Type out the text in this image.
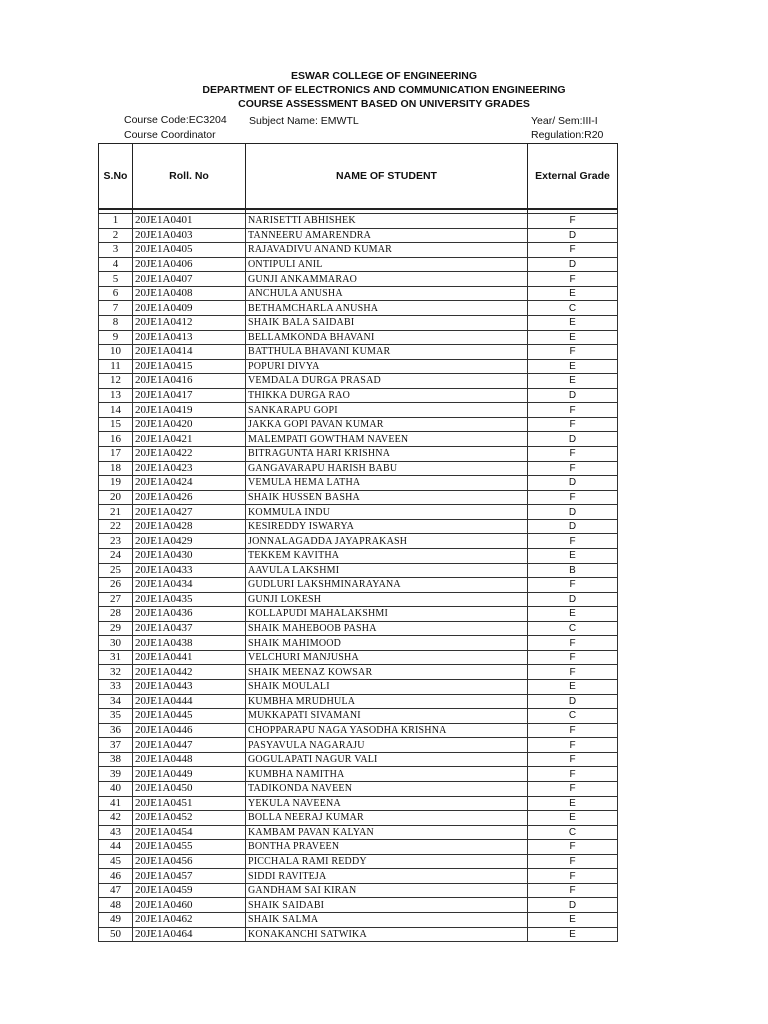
ESWAR COLLEGE OF ENGINEERING
DEPARTMENT OF ELECTRONICS AND COMMUNICATION ENGINEERING
COURSE ASSESSMENT BASED ON UNIVERSITY GRADES
Course Code:EC3204
Course Coordinator
Subject Name: EMWTL	Year/ Sem:III-I
Regulation:R20
S.No	Roll. No	NAME OF STUDENT	External Grade

1	20JE1A0401	NARISETTI ABHISHEK	F
2	20JE1A0403	TANNEERU AMARENDRA	D
3	20JE1A0405	RAJAVADIVU ANAND KUMAR	F
4	20JE1A0406	ONTIPULI ANIL	D
5	20JE1A0407	GUNJI ANKAMMARAO	F
6	20JE1A0408	ANCHULA ANUSHA	E
7	20JE1A0409	BETHAMCHARLA ANUSHA	C
8	20JE1A0412	SHAIK BALA SAIDABI	E
9	20JE1A0413	BELLAMKONDA BHAVANI	E
10	20JE1A0414	BATTHULA BHAVANI KUMAR	F
11	20JE1A0415	POPURI DIVYA	E
12	20JE1A0416	VEMDALA DURGA PRASAD	E
13	20JE1A0417	THIKKA DURGA RAO	D
14	20JE1A0419	SANKARAPU GOPI	F
15	20JE1A0420	JAKKA GOPI PAVAN KUMAR	F
16	20JE1A0421	MALEMPATI GOWTHAM NAVEEN	D
17	20JE1A0422	BITRAGUNTA HARI KRISHNA	F
18	20JE1A0423	GANGAVARAPU HARISH BABU	F
19	20JE1A0424	VEMULA HEMA LATHA	D
20	20JE1A0426	SHAIK HUSSEN BASHA	F
21	20JE1A0427	KOMMULA INDU	D
22	20JE1A0428	KESIREDDY ISWARYA	D
23	20JE1A0429	JONNALAGADDA JAYAPRAKASH	F
24	20JE1A0430	TEKKEM KAVITHA	E
25	20JE1A0433	AAVULA LAKSHMI	B
26	20JE1A0434	GUDLURI LAKSHMINARAYANA	F
27	20JE1A0435	GUNJI LOKESH	D
28	20JE1A0436	KOLLAPUDI MAHALAKSHMI	E
29	20JE1A0437	SHAIK MAHEBOOB PASHA	C
30	20JE1A0438	SHAIK MAHIMOOD	F
31	20JE1A0441	VELCHURI MANJUSHA	F
32	20JE1A0442	SHAIK MEENAZ KOWSAR	F
33	20JE1A0443	SHAIK MOULALI	E
34	20JE1A0444	KUMBHA MRUDHULA	D
35	20JE1A0445	MUKKAPATI SIVAMANI	C
36	20JE1A0446	CHOPPARAPU NAGA YASODHA KRISHNA	F
37	20JE1A0447	PASYAVULA NAGARAJU	F
38	20JE1A0448	GOGULAPATI NAGUR VALI	F
39	20JE1A0449	KUMBHA NAMITHA	F
40	20JE1A0450	TADIKONDA NAVEEN	F
41	20JE1A0451	YEKULA NAVEENA	E
42	20JE1A0452	BOLLA NEERAJ KUMAR	E
43	20JE1A0454	KAMBAM PAVAN KALYAN	C
44	20JE1A0455	BONTHA PRAVEEN	F
45	20JE1A0456	PICCHALA RAMI REDDY	F
46	20JE1A0457	SIDDI RAVITEJA	F
47	20JE1A0459	GANDHAM SAI KIRAN	F
48	20JE1A0460	SHAIK SAIDABI	D
49	20JE1A0462	SHAIK SALMA	E
50	20JE1A0464	KONAKANCHI SATWIKA	E
